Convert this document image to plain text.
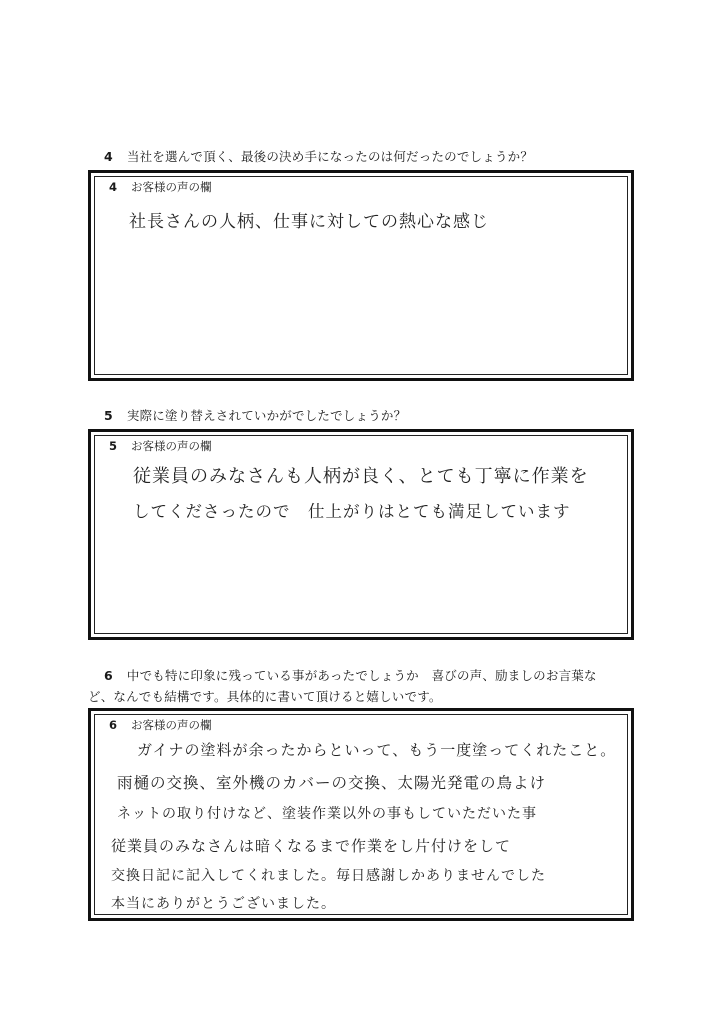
4 当社を選んで頂く、最後の決め手になったのは何だったのでしょうか？
4 お客様の声の欄
社長さんの人柄、仕事に対しての熱心な感じ
5 実際に塗り替えされていかがでしたでしょうか？
5 お客様の声の欄
従業員のみなさんも人柄が良く、とても丁寧に作業を
してくださったので　仕上がりはとても満足しています
6 中でも特に印象に残っている事があったでしょうか　喜びの声、励ましのお言葉な
ど、なんでも結構です。具体的に書いて頂けると嬉しいです。
6 お客様の声の欄
ガイナの塗料が余ったからといって、もう一度塗ってくれたこと。
雨樋の交換、室外機のカバーの交換、太陽光発電の鳥よけ
ネットの取り付けなど、塗装作業以外の事もしていただいた事
従業員のみなさんは暗くなるまで作業をし片付けをして
交換日記に記入してくれました。毎日感謝しかありませんでした
本当にありがとうございました。
